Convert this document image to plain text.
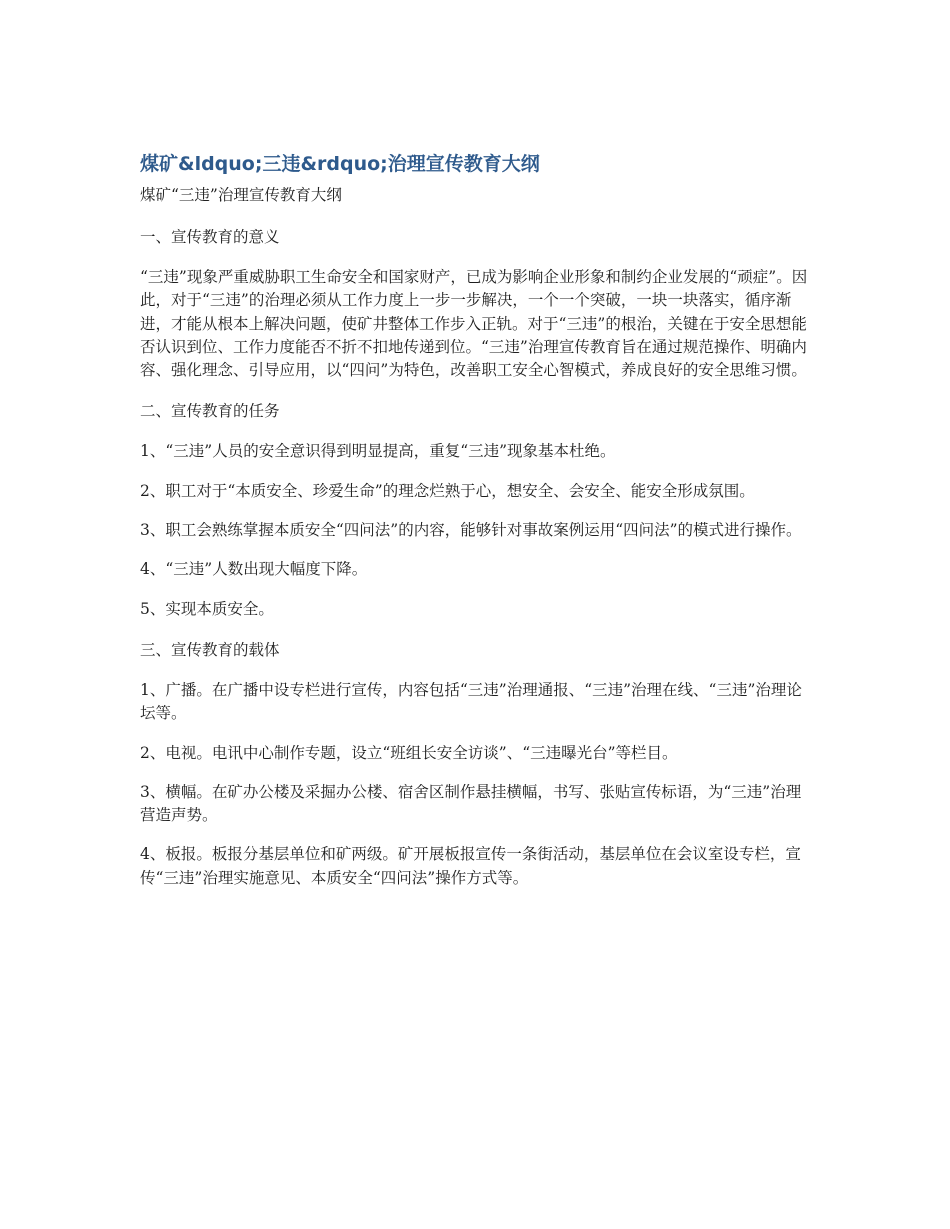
煤矿&ldquo;三违&rdquo;治理宣传教育大纲

煤矿“三违”治理宣传教育大纲

一、宣传教育的意义

“三违”现象严重威胁职工生命安全和国家财产，已成为影响企业形象和制约企业发展的“顽症”。因此，对于“三违”的治理必须从工作力度上一步一步解决，一个一个突破，一块一块落实，循序渐进，才能从根本上解决问题，使矿井整体工作步入正轨。对于“三违”的根治，关键在于安全思想能否认识到位、工作力度能否不折不扣地传递到位。“三违”治理宣传教育旨在通过规范操作、明确内容、强化理念、引导应用，以“四问”为特色，改善职工安全心智模式，养成良好的安全思维习惯。

二、宣传教育的任务

1、“三违”人员的安全意识得到明显提高，重复“三违”现象基本杜绝。

2、职工对于“本质安全、珍爱生命”的理念烂熟于心，想安全、会安全、能安全形成氛围。

3、职工会熟练掌握本质安全“四问法”的内容，能够针对事故案例运用“四问法”的模式进行操作。

4、“三违”人数出现大幅度下降。

5、实现本质安全。

三、宣传教育的载体

1、广播。在广播中设专栏进行宣传，内容包括“三违”治理通报、“三违”治理在线、“三违”治理论坛等。

2、电视。电讯中心制作专题，设立“班组长安全访谈”、“三违曝光台”等栏目。

3、横幅。在矿办公楼及采掘办公楼、宿舍区制作悬挂横幅，书写、张贴宣传标语，为“三违”治理营造声势。

4、板报。板报分基层单位和矿两级。矿开展板报宣传一条街活动，基层单位在会议室设专栏，宣传“三违”治理实施意见、本质安全“四问法”操作方式等。
